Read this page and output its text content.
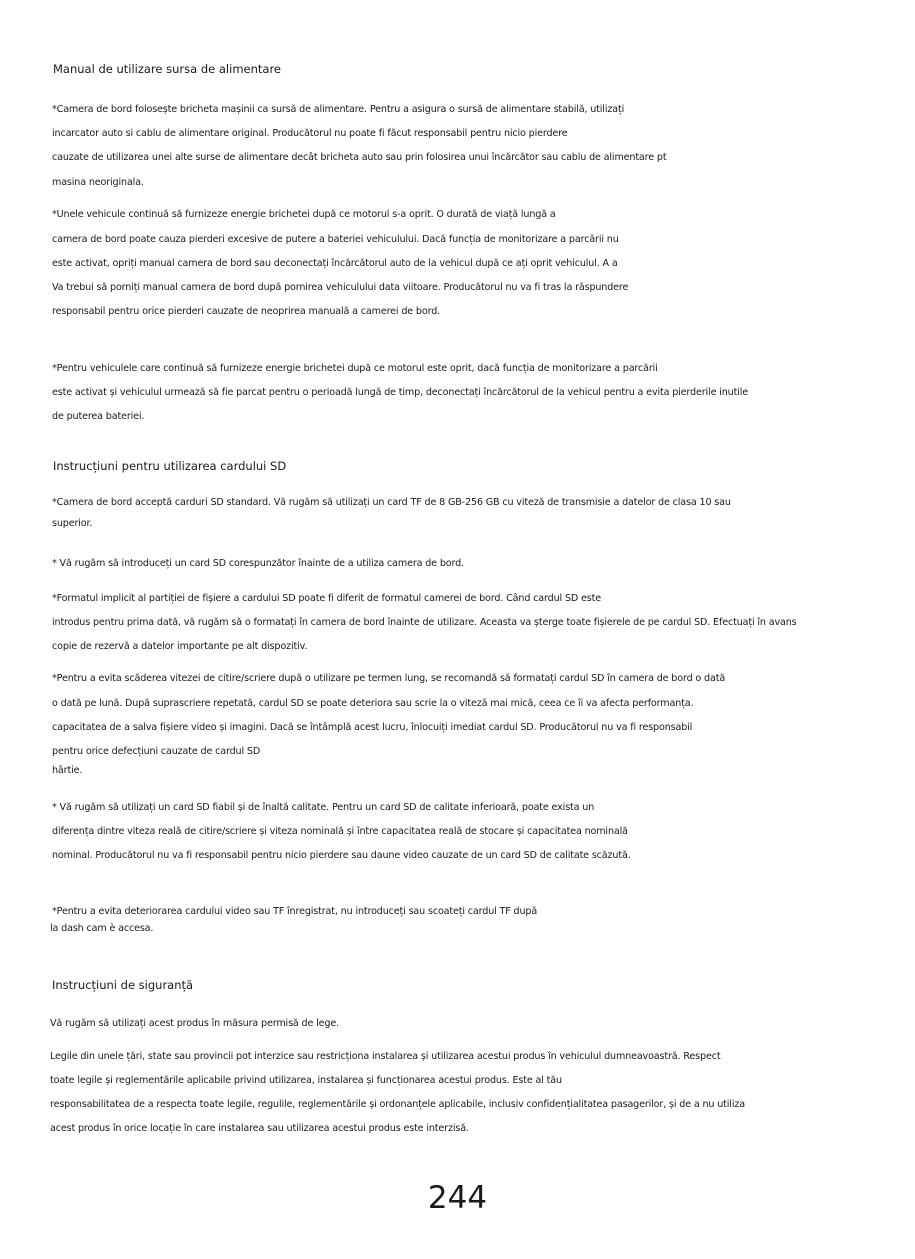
Manual de utilizare sursa de alimentare

*Camera de bord folosește bricheta mașinii ca sursă de alimentare. Pentru a asigura o sursă de alimentare stabilă, utilizați

incarcator auto si cablu de alimentare original. Producătorul nu poate fi făcut responsabil pentru nicio pierdere

cauzate de utilizarea unei alte surse de alimentare decât bricheta auto sau prin folosirea unui încărcător sau cablu de alimentare pt

masina neoriginala.

*Unele vehicule continuă să furnizeze energie brichetei după ce motorul s-a oprit. O durată de viață lungă a

camera de bord poate cauza pierderi excesive de putere a bateriei vehiculului. Dacă funcția de monitorizare a parcării nu

este activat, opriți manual camera de bord sau deconectați încărcătorul auto de la vehicul după ce ați oprit vehiculul. A a

Va trebui să porniți manual camera de bord după pornirea vehiculului data viitoare. Producătorul nu va fi tras la răspundere

responsabil pentru orice pierderi cauzate de neoprirea manuală a camerei de bord.

*Pentru vehiculele care continuă să furnizeze energie brichetei după ce motorul este oprit, dacă funcția de monitorizare a parcării

este activat și vehiculul urmează să fie parcat pentru o perioadă lungă de timp, deconectați încărcătorul de la vehicul pentru a evita pierderile inutile

de puterea bateriei.

Instrucțiuni pentru utilizarea cardului SD

*Camera de bord acceptă carduri SD standard. Vă rugăm să utilizați un card TF de 8 GB-256 GB cu viteză de transmisie a datelor de clasa 10 sau

superior.

* Vă rugăm să introduceți un card SD corespunzător înainte de a utiliza camera de bord.

*Formatul implicit al partiției de fișiere a cardului SD poate fi diferit de formatul camerei de bord. Când cardul SD este

introdus pentru prima dată, vă rugăm să o formatați în camera de bord înainte de utilizare. Aceasta va șterge toate fișierele de pe cardul SD. Efectuați în avans

copie de rezervă a datelor importante pe alt dispozitiv.

*Pentru a evita scăderea vitezei de citire/scriere după o utilizare pe termen lung, se recomandă să formatați cardul SD în camera de bord o dată

o dată pe lună. După suprascriere repetată, cardul SD se poate deteriora sau scrie la o viteză mai mică, ceea ce îi va afecta performanța.

capacitatea de a salva fișiere video și imagini. Dacă se întâmplă acest lucru, înlocuiți imediat cardul SD. Producătorul nu va fi responsabil

pentru orice defecțiuni cauzate de cardul SD

hârtie.

* Vă rugăm să utilizați un card SD fiabil și de înaltă calitate. Pentru un card SD de calitate inferioară, poate exista un

diferența dintre viteza reală de citire/scriere și viteza nominală și între capacitatea reală de stocare și capacitatea nominală

nominal. Producătorul nu va fi responsabil pentru nicio pierdere sau daune video cauzate de un card SD de calitate scăzută.

*Pentru a evita deteriorarea cardului video sau TF înregistrat, nu introduceți sau scoateți cardul TF după

la dash cam è accesa.

Instrucțiuni de siguranță

Vă rugăm să utilizați acest produs în măsura permisă de lege.

Legile din unele țări, state sau provincii pot interzice sau restricționa instalarea și utilizarea acestui produs în vehiculul dumneavoastră. Respect

toate legile și reglementările aplicabile privind utilizarea, instalarea și funcționarea acestui produs. Este al tău

responsabilitatea de a respecta toate legile, regulile, reglementările și ordonanțele aplicabile, inclusiv confidențialitatea pasagerilor, și de a nu utiliza

acest produs în orice locație în care instalarea sau utilizarea acestui produs este interzisă.

244
